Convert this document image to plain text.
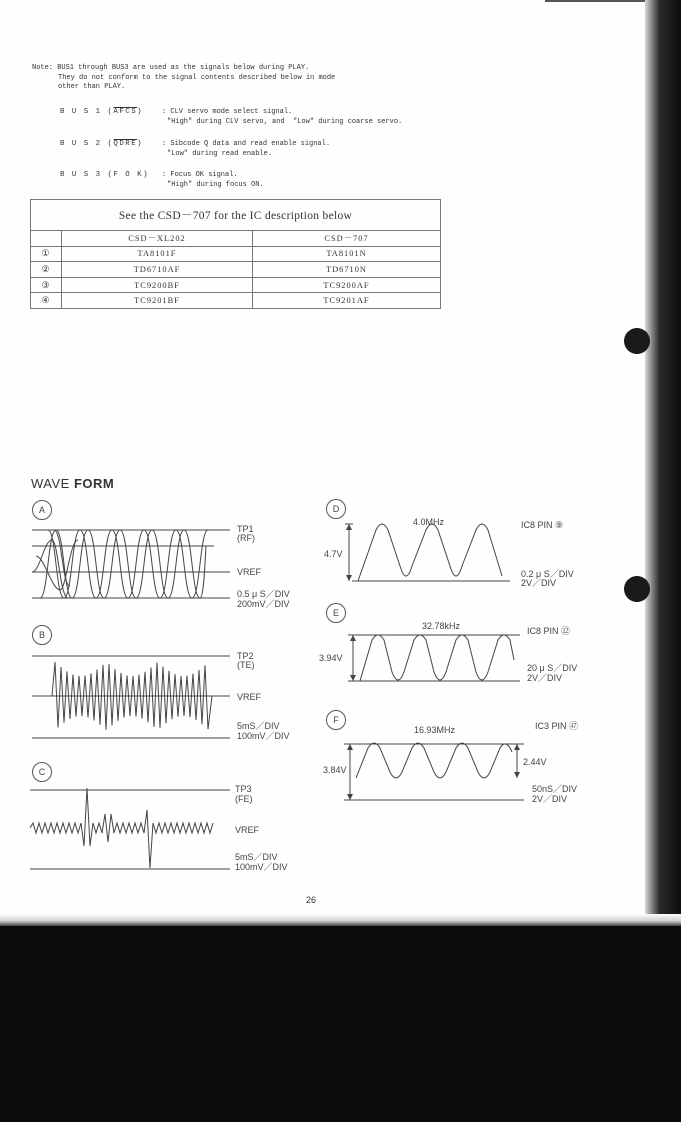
Note: BUS1 through BUS3 are used as the signals below during PLAY.
They do not conform to the signal contents described below in mode
other than PLAY.
B U S 1 (AFCS)	: CLV servo mode select signal.
"High" during CLV servo, and  "Low" during coarse servo.
B U S 2 (QDRE)	: Sibcode Q data and read enable signal.
"Low" during read enable.
B U S 3 (F O K) : Focus OK signal.
"High" during focus ON.
See the CSD－707 for the IC description below		
	CSD－XL202	CSD－707
①	TA8101F	TA8101N
②	TD6710AF	TD6710N
③	TC9200BF	TC9200AF
④	TC9201BF	TC9201AF
WAVE FORM
A
B
C
D
E
F
TP1
(RF)
VREF
0.5 μ S／DIV
200mV／DIV
TP2
(TE)
VREF
5mS／DIV
100mV／DIV
TP3
(FE)
VREF
5mS／DIV
100mV／DIV
4.0MHz	IC8 PIN ⑨
4.7V
0.2 μ S／DIV
2V／DIV
32.78kHz	IC8 PIN ⑫
3.94V
20 μ S／DIV
2V／DIV
16.93MHz	IC3 PIN ㊼
3.84V
2.44V
50nS／DIV
2V／DIV
26
